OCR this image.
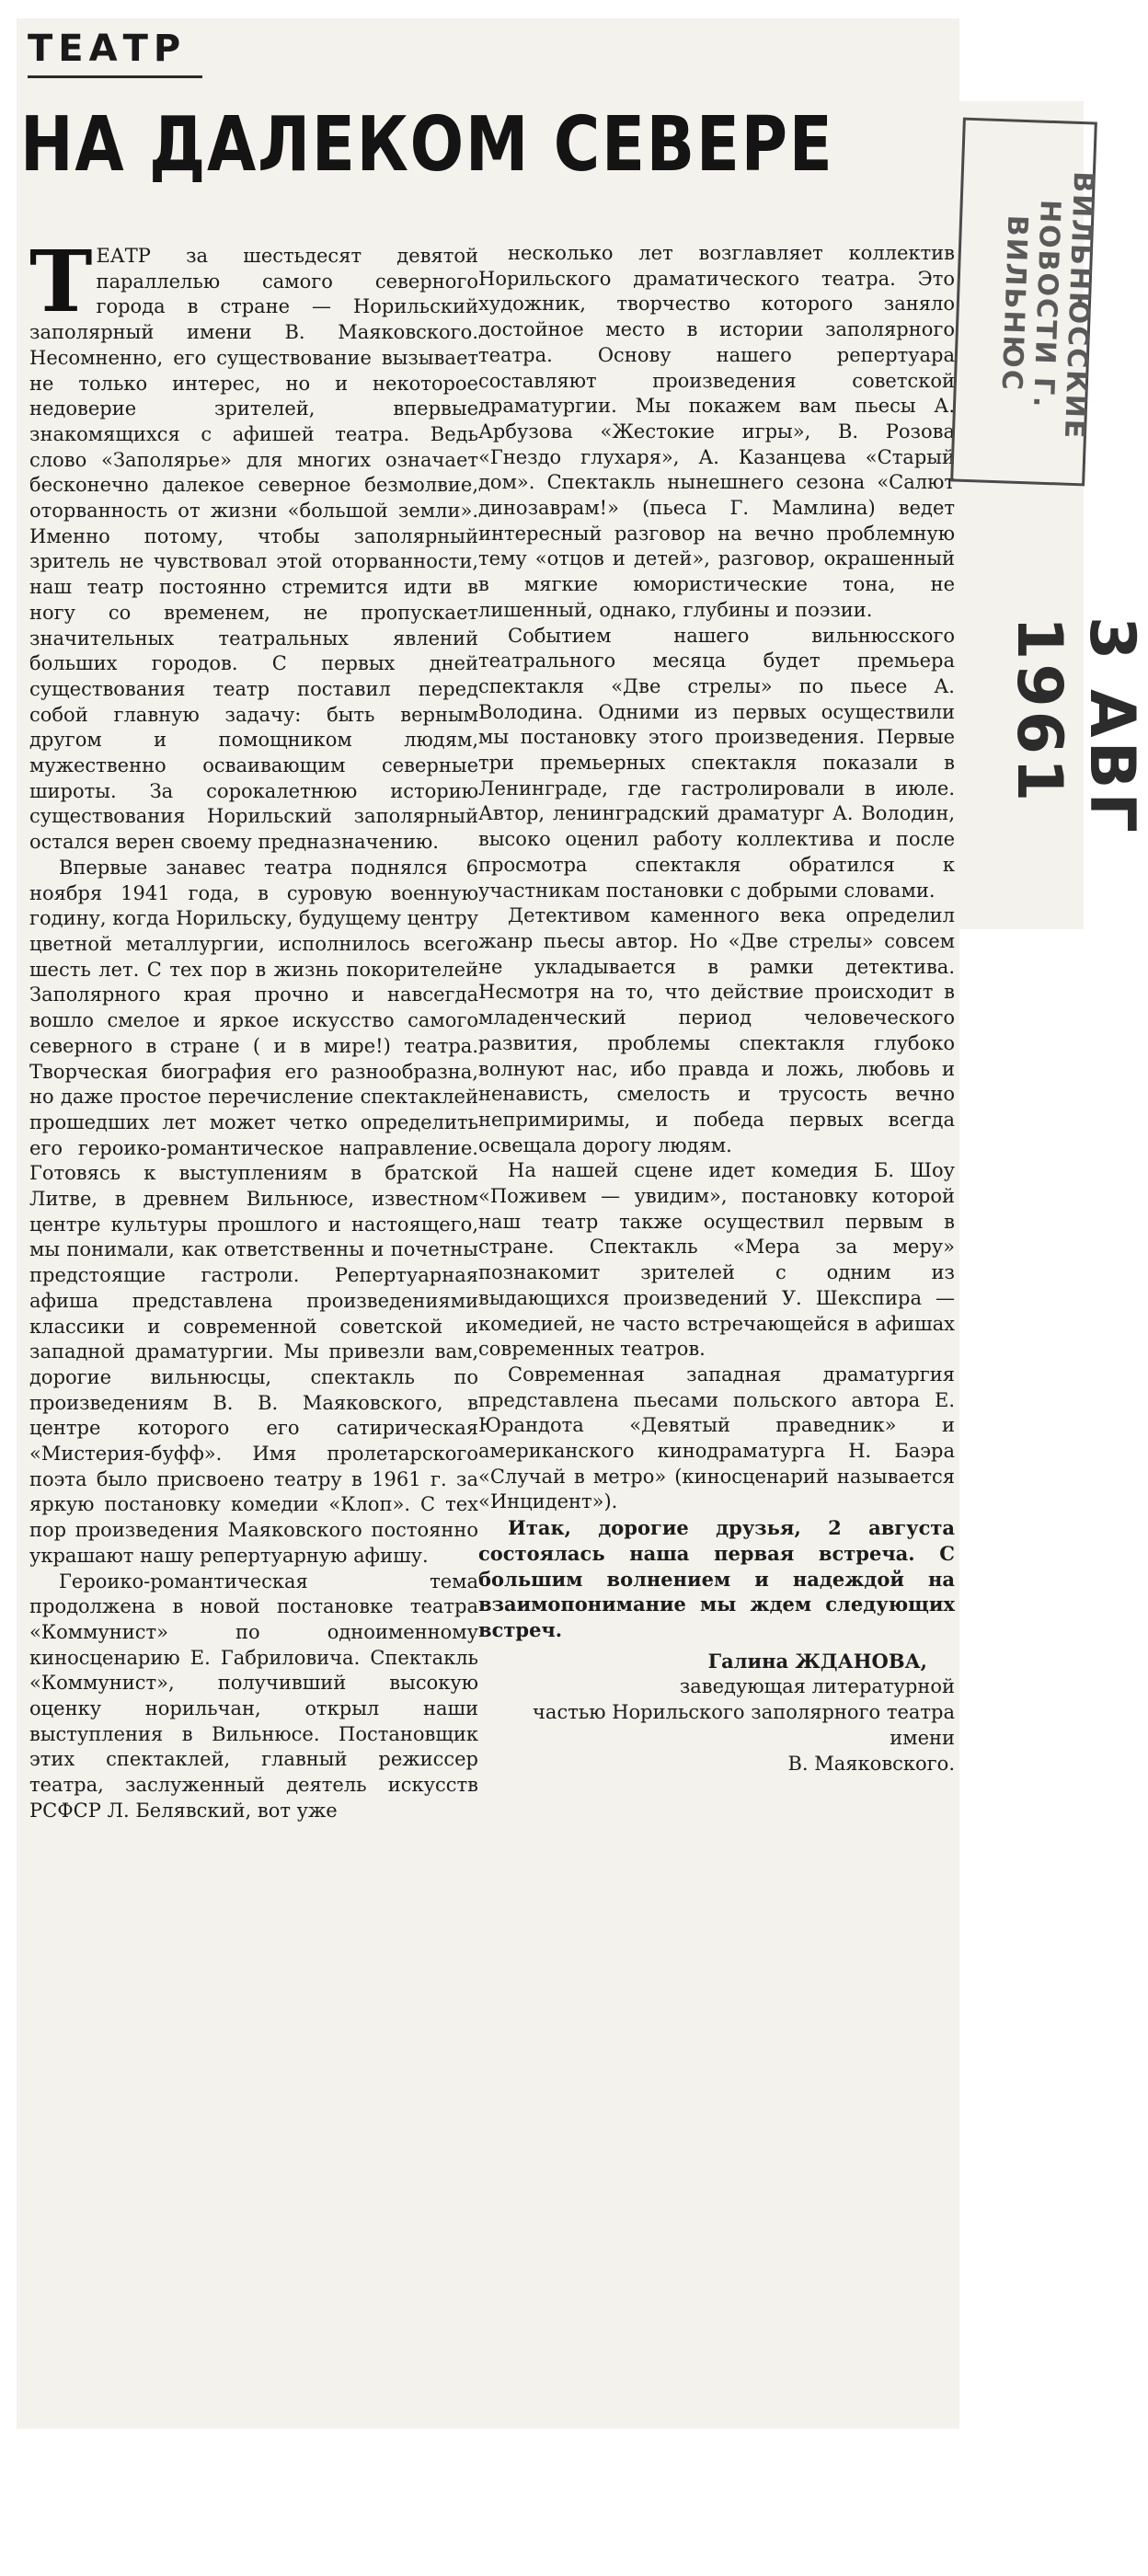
ТЕАТР
НА ДАЛЕКОМ СЕВЕРЕ

ТЕАТР за шестьдесят девятой параллелью самого северного города в стране — Норильский заполярный имени В. Маяковского. Несомненно, его существование вызывает не только интерес, но и некоторое недоверие зрителей, впервые знакомящихся с афишей театра. Ведь слово «Заполярье» для многих означает бесконечно далекое северное безмолвие, оторванность от жизни «большой земли». Именно потому, чтобы заполярный зритель не чувствовал этой оторванности, наш театр постоянно стремится идти в ногу со временем, не пропускает значительных театральных явлений больших городов. С первых дней существования театр поставил перед собой главную задачу: быть верным другом и помощником людям, мужественно осваивающим северные широты. За сорокалетнюю историю существования Норильский заполярный остался верен своему предназначению.

Впервые занавес театра поднялся 6 ноября 1941 года, в суровую военную годину, когда Норильску, будущему центру цветной металлургии, исполнилось всего шесть лет. С тех пор в жизнь покорителей Заполярного края прочно и навсегда вошло смелое и яркое искусство самого северного в стране ( и в мире!) театра. Творческая биография его разнообразна, но даже простое перечисление спектаклей прошедших лет может четко определить его героико-романтическое направление. Готовясь к выступлениям в братской Литве, в древнем Вильнюсе, известном центре культуры прошлого и настоящего, мы понимали, как ответственны и почетны предстоящие гастроли. Репертуарная афиша представлена произведениями классики и современной советской и западной драматургии. Мы привезли вам, дорогие вильнюсцы, спектакль по произведениям В. В. Маяковского, в центре которого его сатирическая «Мистерия-буфф». Имя пролетарского поэта было присвоено театру в 1961 г. за яркую постановку комедии «Клоп». С тех пор произведения Маяковского постоянно украшают нашу репертуарную афишу.

Героико-романтическая тема продолжена в новой постановке театра «Коммунист» по одноименному киносценарию Е. Габриловича. Спектакль «Коммунист», получивший высокую оценку норильчан, открыл наши выступления в Вильнюсе. Постановщик этих спектаклей, главный режиссер театра, заслуженный деятель искусств РСФСР Л. Белявский, вот уже

несколько лет возглавляет коллектив Норильского драматического театра. Это художник, творчество которого заняло достойное место в истории заполярного театра. Основу нашего репертуара составляют произведения советской драматургии. Мы покажем вам пьесы А. Арбузова «Жестокие игры», В. Розова «Гнездо глухаря», А. Казанцева «Старый дом». Спектакль нынешнего сезона «Салют динозаврам!» (пьеса Г. Мамлина) ведет интересный разговор на вечно проблемную тему «отцов и детей», разговор, окрашенный в мягкие юмористические тона, не лишенный, однако, глубины и поэзии.

Событием нашего вильнюсского театрального месяца будет премьера спектакля «Две стрелы» по пьесе А. Володина. Одними из первых осуществили мы постановку этого произведения. Первые три премьерных спектакля показали в Ленинграде, где гастролировали в июле. Автор, ленинградский драматург А. Володин, высоко оценил работу коллектива и после просмотра спектакля обратился к участникам постановки с добрыми словами.

Детективом каменного века определил жанр пьесы автор. Но «Две стрелы» совсем не укладывается в рамки детектива. Несмотря на то, что действие происходит в младенческий период человеческого развития, проблемы спектакля глубоко волнуют нас, ибо правда и ложь, любовь и ненависть, смелость и трусость вечно непримиримы, и победа первых всегда освещала дорогу людям.

На нашей сцене идет комедия Б. Шоу «Поживем — увидим», постановку которой наш театр также осуществил первым в стране. Спектакль «Мера за меру» познакомит зрителей с одним из выдающихся произведений У. Шекспира — комедией, не часто встречающейся в афишах современных театров.

Современная западная драматургия представлена пьесами польского автора Е. Юрандота «Девятый праведник» и американского кинодраматурга Н. Баэра «Случай в метро» (киносценарий называется «Инцидент»).

Итак, дорогие друзья, 2 августа состоялась наша первая встреча. С большим волнением и надеждой на взаимопонимание мы ждем следующих встреч.

Галина ЖДАНОВА,

заведующая литературной
частью Норильского заполярного театра имени
В. Маяковского.

ВИЛЬНЮССКИЕ НОВОСТИ Г. ВИЛЬНЮС
3 АВГ 1961
